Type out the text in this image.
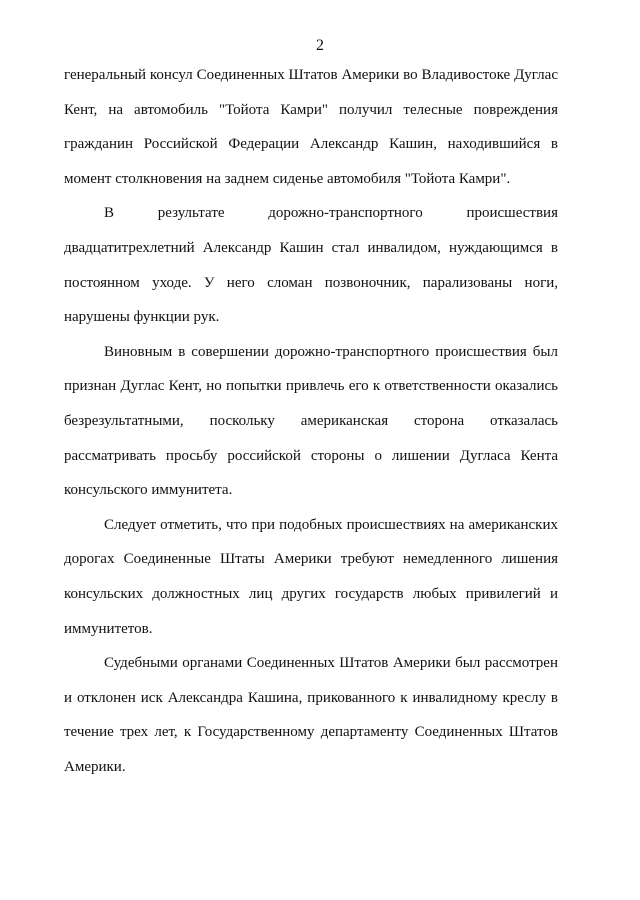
2

генеральный консул Соединенных Штатов Америки во Владивостоке Дуглас Кент, на автомобиль "Тойота Камри" получил телесные повреждения гражданин Российской Федерации Александр Кашин, находившийся в момент столкновения на заднем сиденье автомобиля "Тойота Камри".

В результате дорожно-транспортного происшествия двадцатитрехлетний Александр Кашин стал инвалидом, нуждающимся в постоянном уходе. У него сломан позвоночник, парализованы ноги, нарушены функции рук.

Виновным в совершении дорожно-транспортного происшествия был признан Дуглас Кент, но попытки привлечь его к ответственности оказались безрезультатными, поскольку американская сторона отказалась рассматривать просьбу российской стороны о лишении Дугласа Кента консульского иммунитета.

Следует отметить, что при подобных происшествиях на американских дорогах Соединенные Штаты Америки требуют немедленного лишения консульских должностных лиц других государств любых привилегий и иммунитетов.

Судебными органами Соединенных Штатов Америки был рассмотрен и отклонен иск Александра Кашина, прикованного к инвалидному креслу в течение трех лет, к Государственному департаменту Соединенных Штатов Америки.
